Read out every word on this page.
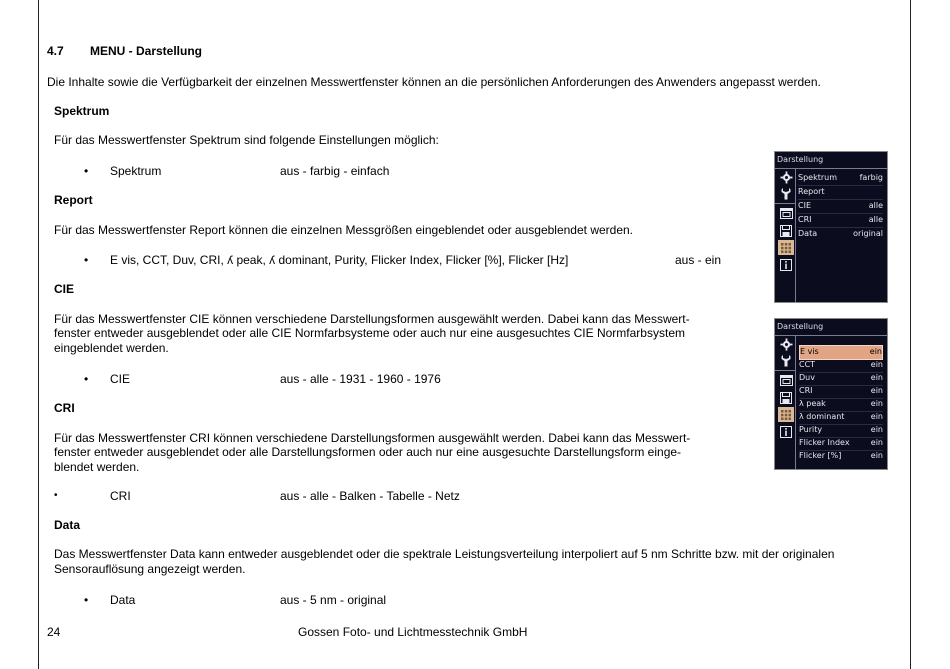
4.7 MENU - Darstellung
Die Inhalte sowie die Verfügbarkeit der einzelnen Messwertfenster können an die persönlichen Anforderungen des Anwenders angepasst werden.
Spektrum
Für das Messwertfenster Spektrum sind folgende Einstellungen möglich:
• Spektrum	aus - farbig - einfach
Report
Für das Messwertfenster Report können die einzelnen Messgrößen eingeblendet oder ausgeblendet werden.
• E vis, CCT, Duv, CRI, ʎ peak, ʎ dominant, Purity, Flicker Index, Flicker [%], Flicker [Hz]	aus - ein
CIE
Für das Messwertfenster CIE können verschiedene Darstellungsformen ausgewählt werden. Dabei kann das Messwert-
fenster entweder ausgeblendet oder alle CIE Normfarbsysteme oder auch nur eine ausgesuchtes CIE Normfarbsystem
eingeblendet werden.
• CIE	aus - alle - 1931 - 1960 - 1976
CRI
Für das Messwertfenster CRI können verschiedene Darstellungsformen ausgewählt werden. Dabei kann das Messwert-
fenster entweder ausgeblendet oder alle Darstellungsformen oder auch nur eine ausgesuchte Darstellungsform einge-
blendet werden.
•	CRI	aus - alle - Balken - Tabelle - Netz
Data
Das Messwertfenster Data kann entweder ausgeblendet oder die spektrale Leistungsverteilung interpoliert auf 5 nm Schritte bzw. mit der originalen
Sensorauflösung angezeigt werden.
• Data	aus - 5 nm - original
24	Gossen Foto- und Lichtmesstechnik GmbH
Darstellung
Spektrum	farbig
Report
CIE	alle
CRI	alle
Data	original
Darstellung
E vis	ein
CCT	ein
Duv	ein
CRI	ein
λ peak	ein
λ dominant	ein
Purity	ein
Flicker Index	ein
Flicker [%]	ein
